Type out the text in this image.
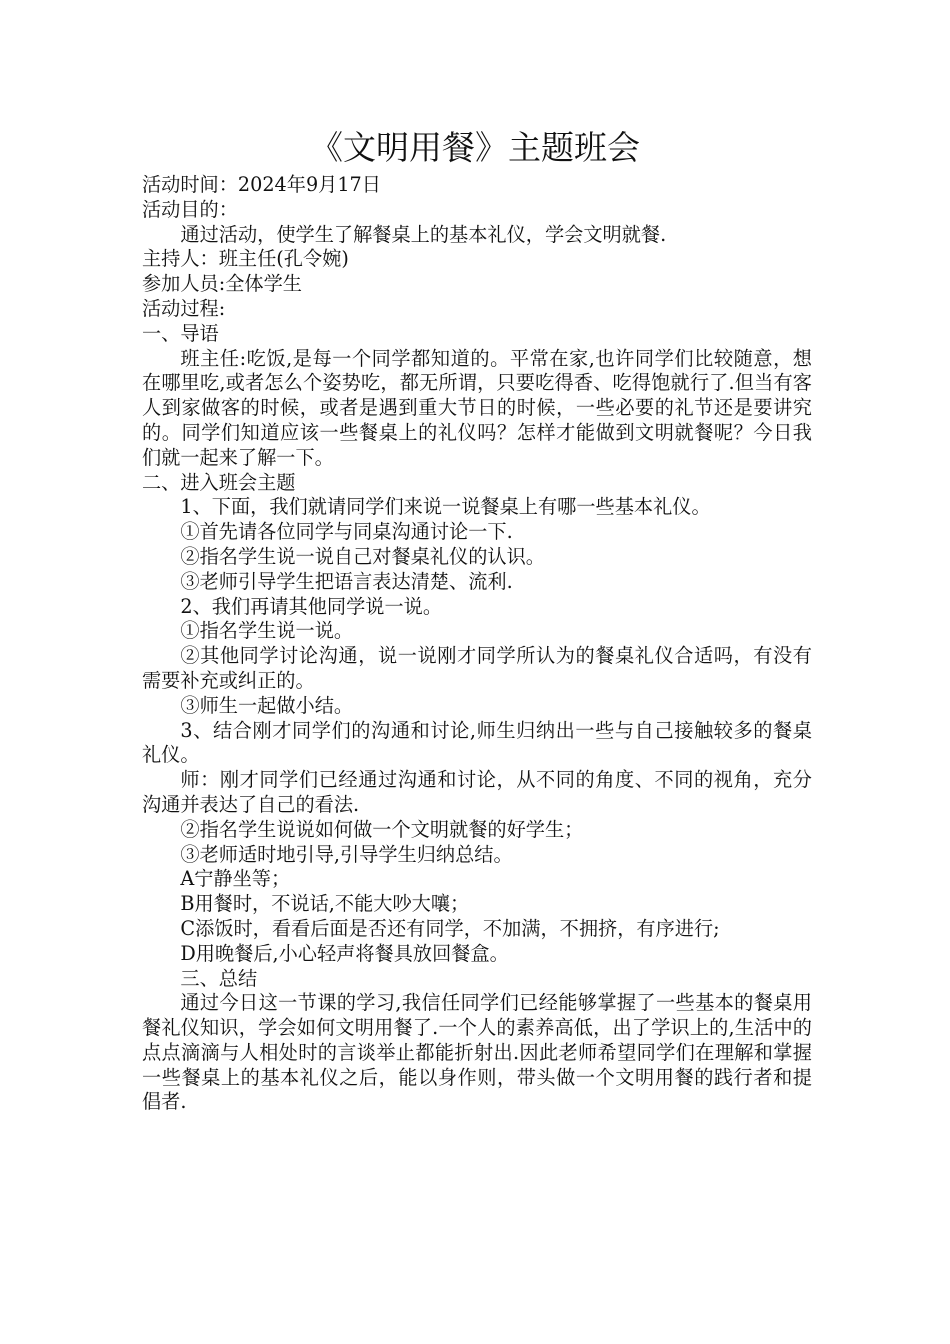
《文明用餐》主题班会

活动时间：2024年9月17日

活动目的：

通过活动，使学生了解餐桌上的基本礼仪，学会文明就餐.

主持人：班主任(孔令婉)

参加人员:全体学生

活动过程:

一、导语

班主任:吃饭,是每一个同学都知道的。平常在家,也许同学们比较随意，想在哪里吃,或者怎么个姿势吃，都无所谓，只要吃得香、吃得饱就行了.但当有客人到家做客的时候，或者是遇到重大节日的时候，一些必要的礼节还是要讲究的。同学们知道应该一些餐桌上的礼仪吗？怎样才能做到文明就餐呢？今日我们就一起来了解一下。

二、进入班会主题

1、下面，我们就请同学们来说一说餐桌上有哪一些基本礼仪。

①首先请各位同学与同桌沟通讨论一下.

②指名学生说一说自己对餐桌礼仪的认识。

③老师引导学生把语言表达清楚、流利.

2、我们再请其他同学说一说。

①指名学生说一说。

②其他同学讨论沟通，说一说刚才同学所认为的餐桌礼仪合适吗，有没有需要补充或纠正的。

③师生一起做小结。

3、结合刚才同学们的沟通和讨论,师生归纳出一些与自己接触较多的餐桌礼仪。

师：刚才同学们已经通过沟通和讨论，从不同的角度、不同的视角，充分沟通并表达了自己的看法.

②指名学生说说如何做一个文明就餐的好学生；

③老师适时地引导,引导学生归纳总结。

A宁静坐等；

B用餐时，不说话,不能大吵大嚷；

C添饭时，看看后面是否还有同学，不加满，不拥挤，有序进行;

D用晚餐后,小心轻声将餐具放回餐盒。

三、总结

通过今日这一节课的学习,我信任同学们已经能够掌握了一些基本的餐桌用餐礼仪知识，学会如何文明用餐了.一个人的素养高低，出了学识上的,生活中的点点滴滴与人相处时的言谈举止都能折射出.因此老师希望同学们在理解和掌握一些餐桌上的基本礼仪之后，能以身作则，带头做一个文明用餐的践行者和提倡者.
